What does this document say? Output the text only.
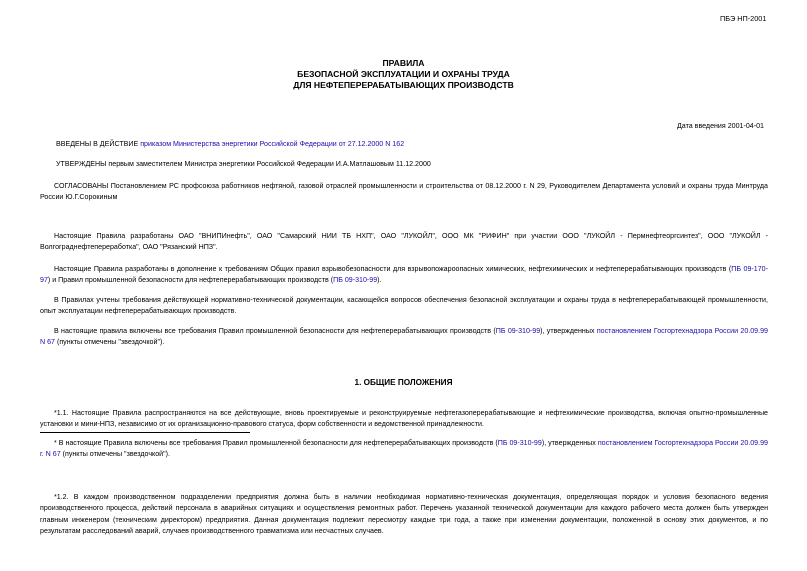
ПБЭ НП-2001
ПРАВИЛА
БЕЗОПАСНОЙ ЭКСПЛУАТАЦИИ И ОХРАНЫ ТРУДА
ДЛЯ НЕФТЕПЕРЕРАБАТЫВАЮЩИХ ПРОИЗВОДСТВ
Дата введения 2001-04-01
ВВЕДЕНЫ В ДЕЙСТВИЕ приказом Министерства энергетики Российской Федерации от 27.12.2000 N 162
УТВЕРЖДЕНЫ первым заместителем Министра энергетики Российской Федерации И.А.Матлашовым 11.12.2000
СОГЛАСОВАНЫ Постановлением РС профсоюза работников нефтяной, газовой отраслей промышленности и строительства от 08.12.2000 г. N 29, Руководителем Департамента условий и охраны труда Минтруда России Ю.Г.Сорокиным
Настоящие Правила разработаны ОАО "ВНИПИнефть", ОАО "Самарский НИИ ТБ НХП", ОАО "ЛУКОЙЛ", ООО МК "РИФИН" при участии ООО "ЛУКОЙЛ - Пермнефтеоргсинтез", ООО "ЛУКОЙЛ - Волгограднефтепереработка", ОАО "Рязанский НПЗ".
Настоящие Правила разработаны в дополнение к требованиям Общих правил взрывобезопасности для взрывопожароопасных химических, нефтехимических и нефтеперерабатывающих производств (ПБ 09-170-97) и Правил промышленной безопасности для нефтеперерабатывающих производств (ПБ 09-310-99).
В Правилах учтены требования действующей нормативно-технической документации, касающейся вопросов обеспечения безопасной эксплуатации и охраны труда в нефтеперерабатывающей промышленности, опыт эксплуатации нефтеперерабатывающих производств.
В настоящие правила включены все требования Правил промышленной безопасности для нефтеперерабатывающих производств (ПБ 09-310-99), утвержденных постановлением Госгортехнадзора России 20.09.99 N 67 (пункты отмечены "звездочкой").
1. ОБЩИЕ ПОЛОЖЕНИЯ
*1.1. Настоящие Правила распространяются на все действующие, вновь проектируемые и реконструируемые нефтегазоперерабатывающие и нефтехимические производства, включая опытно-промышленные установки и мини-НПЗ, независимо от их организационно-правового статуса, форм собственности и ведомственной принадлежности.
* В настоящие Правила включены все требования Правил промышленной безопасности для нефтеперерабатывающих производств (ПБ 09-310-99), утвержденных постановлением Госгортехнадзора России 20.09.99 г. N 67 (пункты отмечены "звездочкой").
*1.2. В каждом производственном подразделении предприятия должна быть в наличии необходимая нормативно-техническая документация, определяющая порядок и условия безопасного ведения производственного процесса, действий персонала в аварийных ситуациях и осуществления ремонтных работ. Перечень указанной технической документации для каждого рабочего места должен быть утвержден главным инженером (техническим директором) предприятия. Данная документация подлежит пересмотру каждые три года, а также при изменении документации, положенной в основу этих документов, и по результатам расследований аварий, случаев производственного травматизма или несчастных случаев.
